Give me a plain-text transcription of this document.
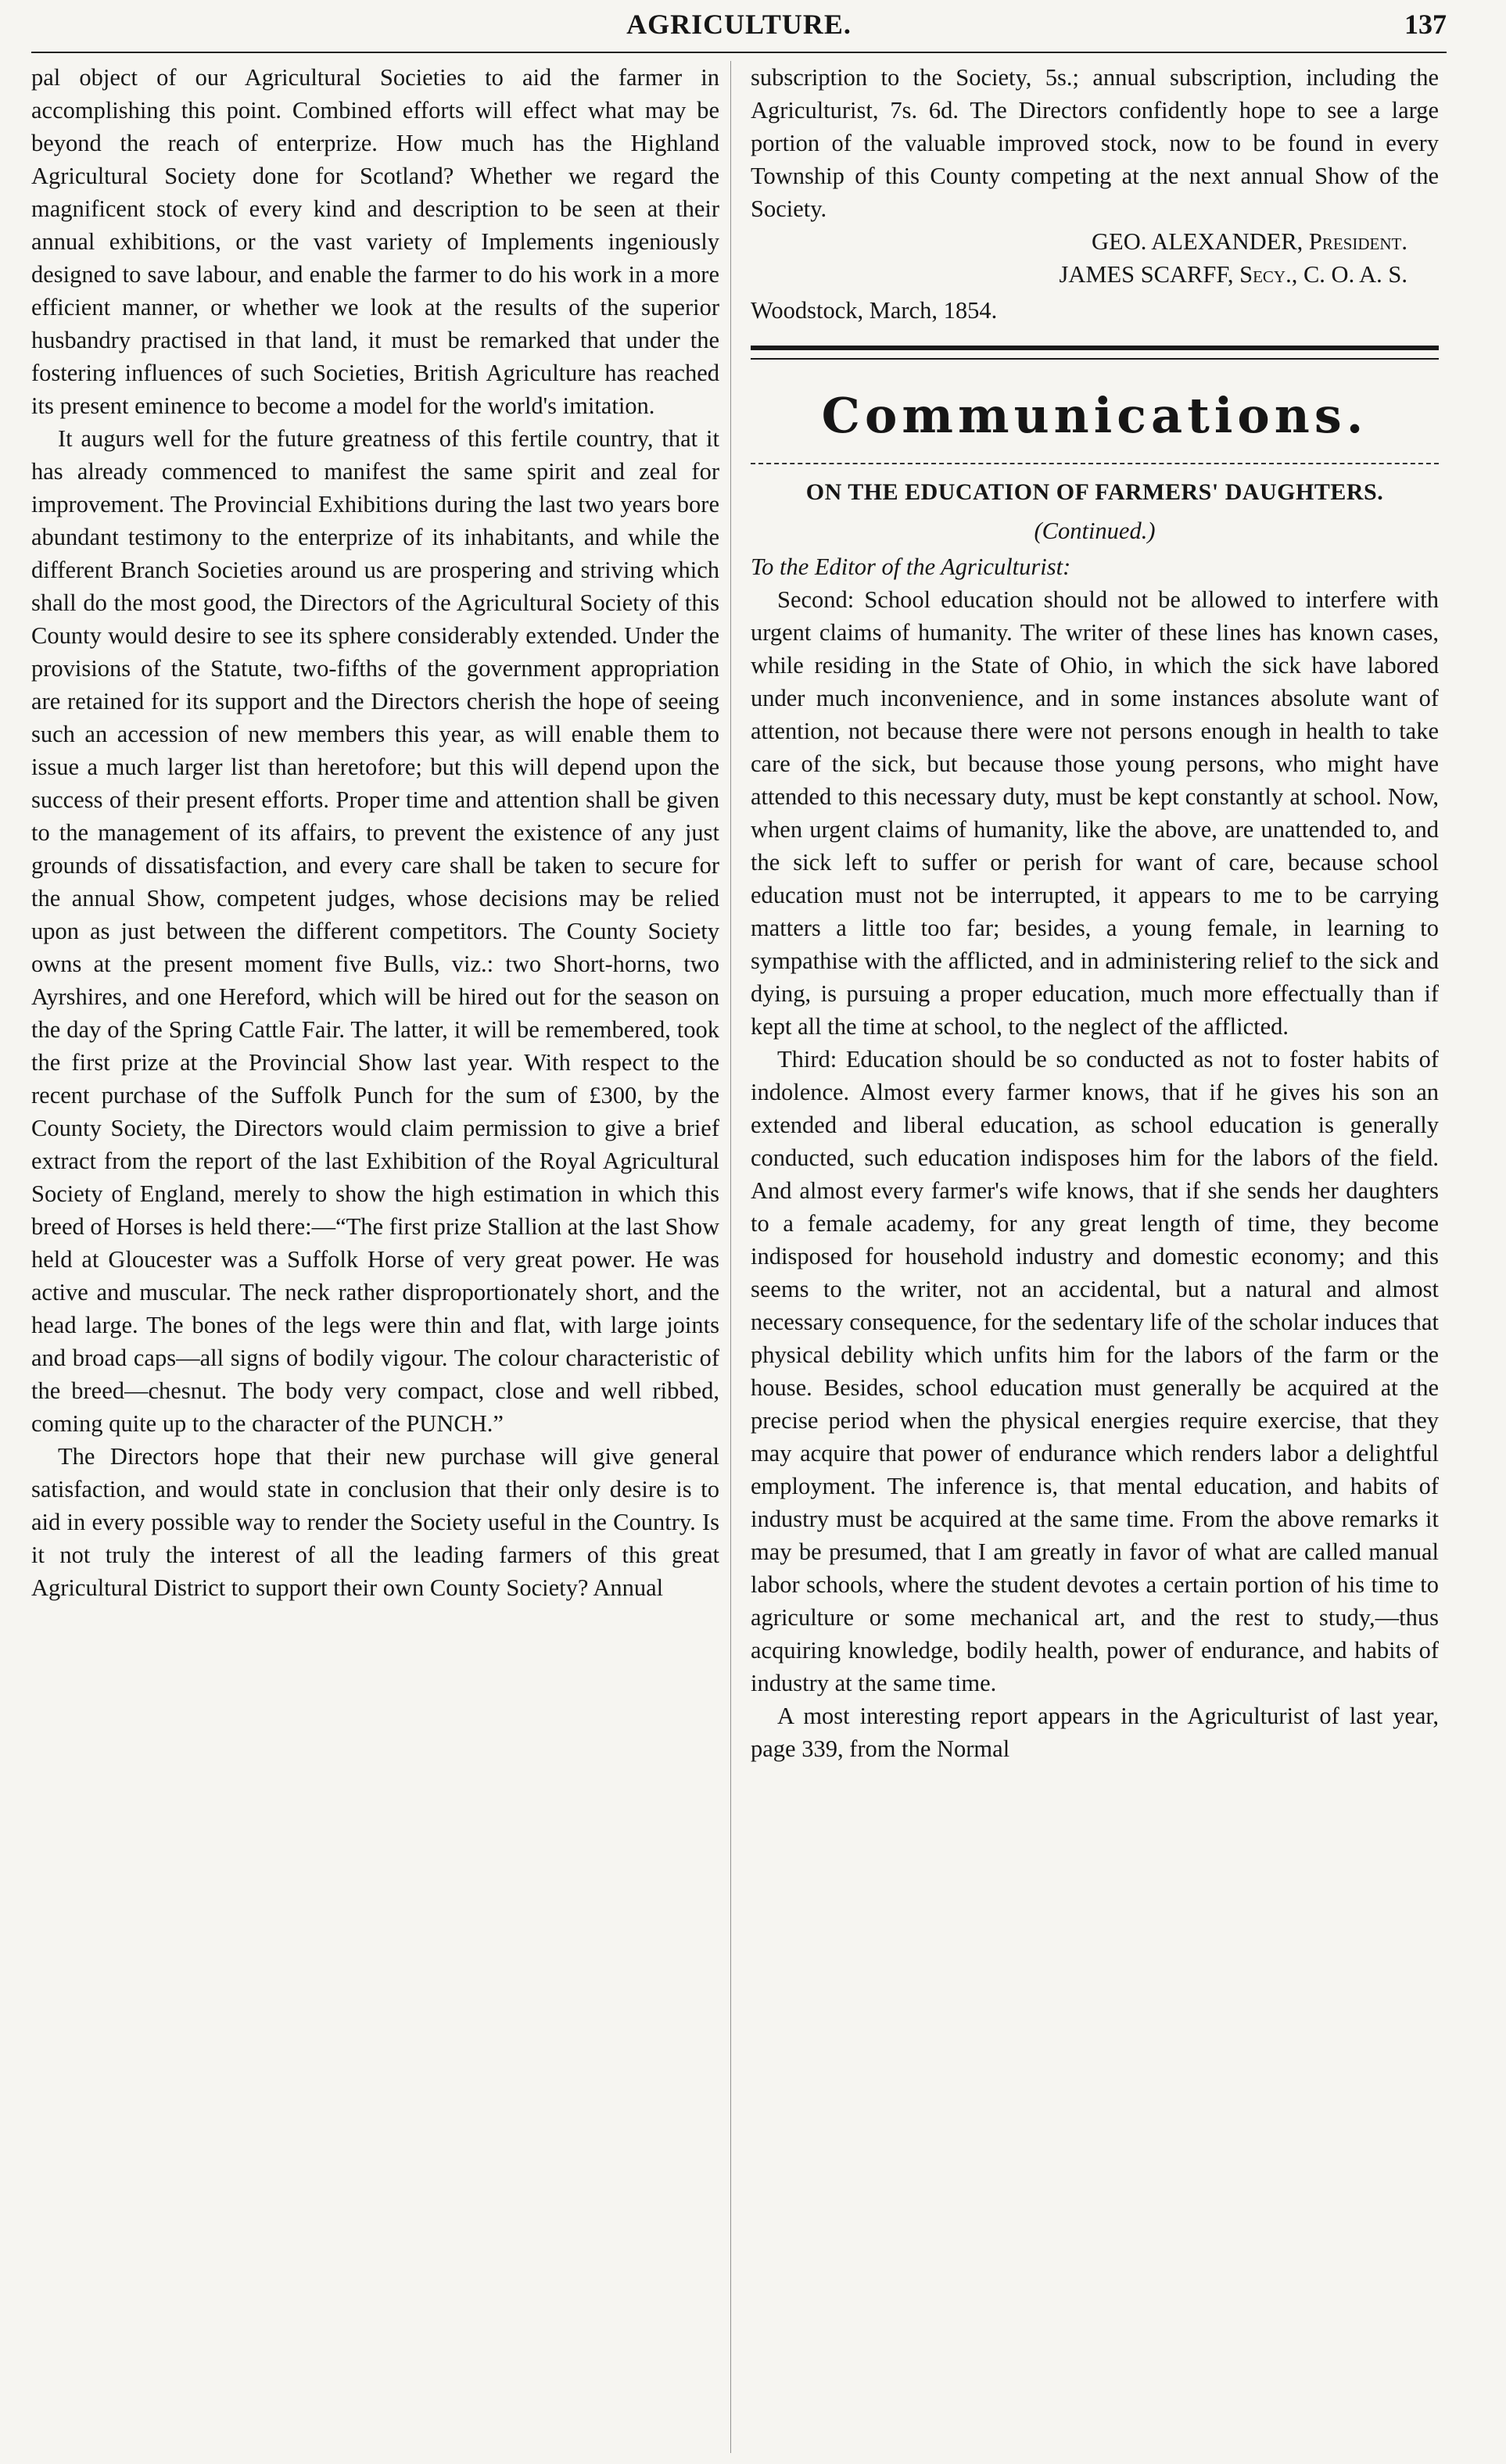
AGRICULTURE.	137

pal object of our Agricultural Societies to aid the farmer in accomplishing this point. Combined efforts will effect what may be beyond the reach of enterprize. How much has the Highland Agricultural Society done for Scotland? Whether we regard the magnificent stock of every kind and description to be seen at their annual exhibitions, or the vast variety of Implements ingeniously designed to save labour, and enable the farmer to do his work in a more efficient manner, or whether we look at the results of the superior husbandry practised in that land, it must be remarked that under the fostering influences of such Societies, British Agriculture has reached its present eminence to become a model for the world's imitation.

It augurs well for the future greatness of this fertile country, that it has already commenced to manifest the same spirit and zeal for improvement. The Provincial Exhibitions during the last two years bore abundant testimony to the enterprize of its inhabitants, and while the different Branch Societies around us are prospering and striving which shall do the most good, the Directors of the Agricultural Society of this County would desire to see its sphere considerably extended. Under the provisions of the Statute, two-fifths of the government appropriation are retained for its support and the Directors cherish the hope of seeing such an accession of new members this year, as will enable them to issue a much larger list than heretofore; but this will depend upon the success of their present efforts. Proper time and attention shall be given to the management of its affairs, to prevent the existence of any just grounds of dissatisfaction, and every care shall be taken to secure for the annual Show, competent judges, whose decisions may be relied upon as just between the different competitors. The County Society owns at the present moment five Bulls, viz.: two Short-horns, two Ayrshires, and one Hereford, which will be hired out for the season on the day of the Spring Cattle Fair. The latter, it will be remembered, took the first prize at the Provincial Show last year. With respect to the recent purchase of the Suffolk Punch for the sum of £300, by the County Society, the Directors would claim permission to give a brief extract from the report of the last Exhibition of the Royal Agricultural Society of England, merely to show the high estimation in which this breed of Horses is held there:—“The first prize Stallion at the last Show held at Gloucester was a Suffolk Horse of very great power. He was active and muscular. The neck rather disproportionately short, and the head large. The bones of the legs were thin and flat, with large joints and broad caps—all signs of bodily vigour. The colour characteristic of the breed—chesnut. The body very compact, close and well ribbed, coming quite up to the character of the PUNCH.”

The Directors hope that their new purchase will give general satisfaction, and would state in conclusion that their only desire is to aid in every possible way to render the Society useful in the Country. Is it not truly the interest of all the leading farmers of this great Agricultural District to support their own County Society? Annual

subscription to the Society, 5s.; annual subscription, including the Agriculturist, 7s. 6d. The Directors confidently hope to see a large portion of the valuable improved stock, now to be found in every Township of this County competing at the next annual Show of the Society.

GEO. ALEXANDER, President.

JAMES SCARFF, Secy., C. O. A. S.

Woodstock, March, 1854.

Communications.

ON THE EDUCATION OF FARMERS' DAUGHTERS.

(Continued.)

To the Editor of the Agriculturist:

Second: School education should not be allowed to interfere with urgent claims of humanity. The writer of these lines has known cases, while residing in the State of Ohio, in which the sick have labored under much inconvenience, and in some instances absolute want of attention, not because there were not persons enough in health to take care of the sick, but because those young persons, who might have attended to this necessary duty, must be kept constantly at school. Now, when urgent claims of humanity, like the above, are unattended to, and the sick left to suffer or perish for want of care, because school education must not be interrupted, it appears to me to be carrying matters a little too far; besides, a young female, in learning to sympathise with the afflicted, and in administering relief to the sick and dying, is pursuing a proper education, much more effectually than if kept all the time at school, to the neglect of the afflicted.

Third: Education should be so conducted as not to foster habits of indolence. Almost every farmer knows, that if he gives his son an extended and liberal education, as school education is generally conducted, such education indisposes him for the labors of the field. And almost every farmer's wife knows, that if she sends her daughters to a female academy, for any great length of time, they become indisposed for household industry and domestic economy; and this seems to the writer, not an accidental, but a natural and almost necessary consequence, for the sedentary life of the scholar induces that physical debility which unfits him for the labors of the farm or the house. Besides, school education must generally be acquired at the precise period when the physical energies require exercise, that they may acquire that power of endurance which renders labor a delightful employment. The inference is, that mental education, and habits of industry must be acquired at the same time. From the above remarks it may be presumed, that I am greatly in favor of what are called manual labor schools, where the student devotes a certain portion of his time to agriculture or some mechanical art, and the rest to study,—thus acquiring knowledge, bodily health, power of endurance, and habits of industry at the same time.

A most interesting report appears in the Agriculturist of last year, page 339, from the Normal
